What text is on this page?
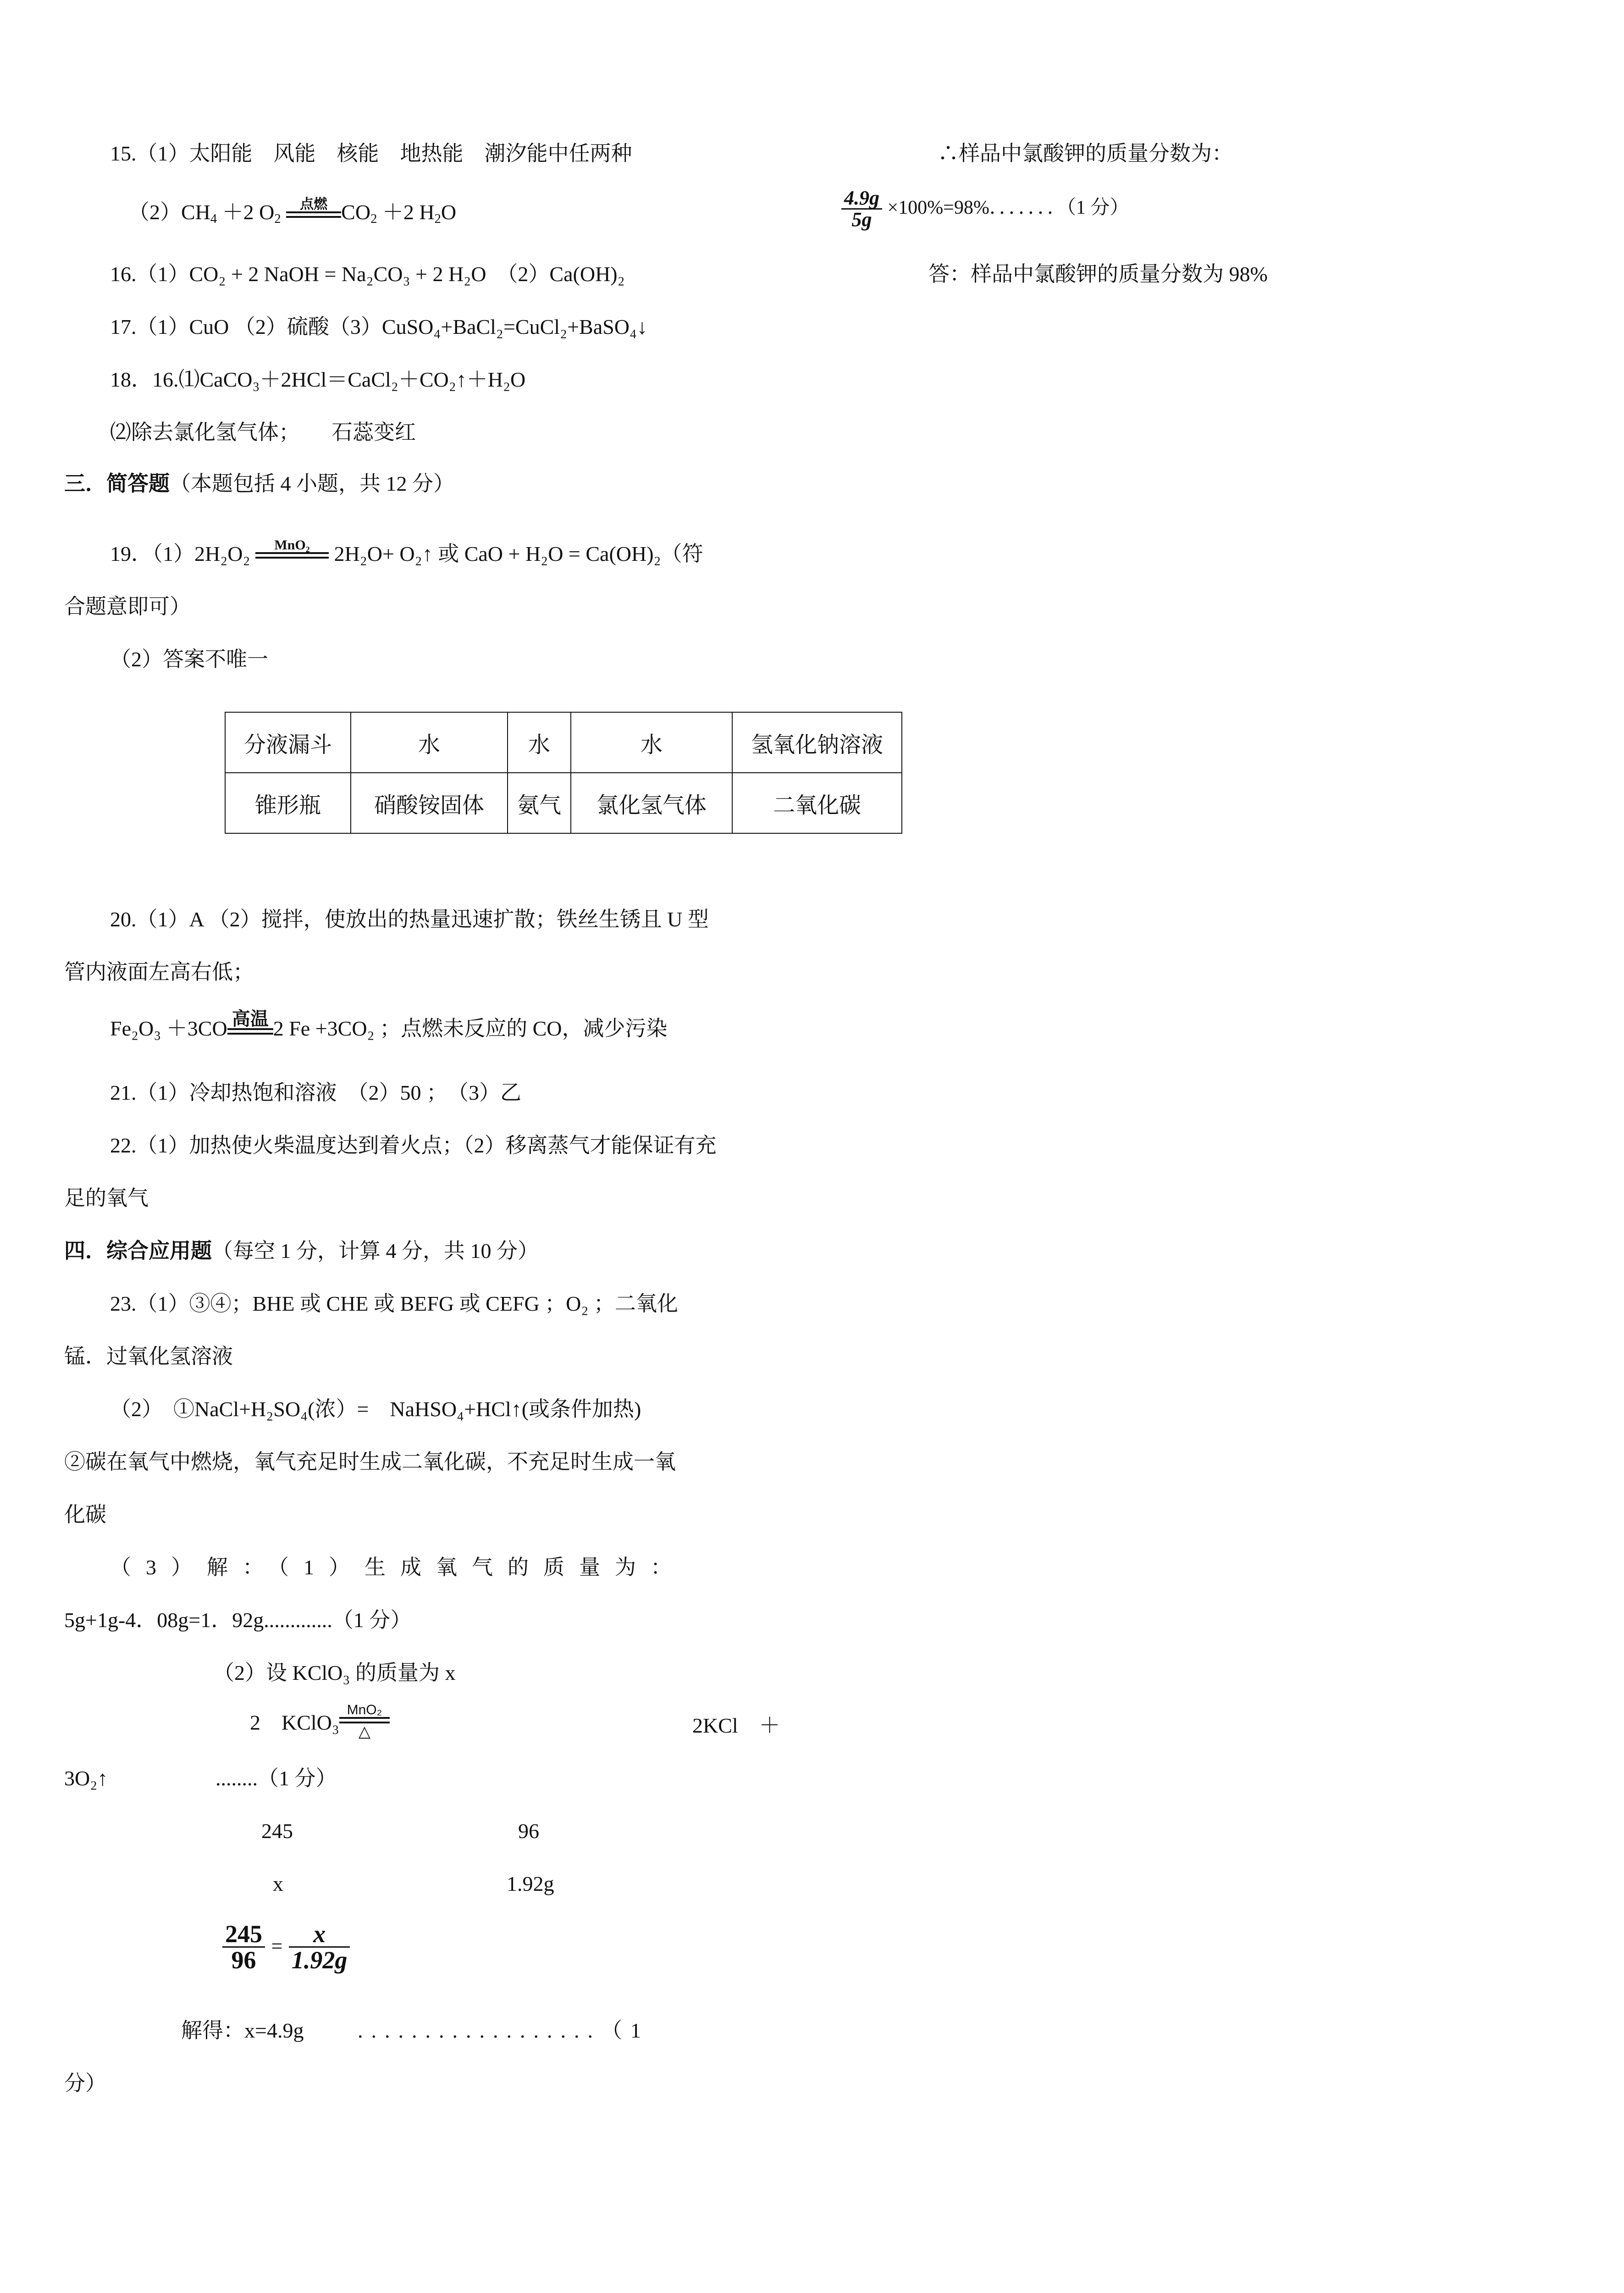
15.（1）太阳能　风能　核能　地热能　潮汐能中任两种
$(2)CH_4 +2$ $O_2$
点燃 $CO_2 +2$ $H_2O$
16.（1）CO₂ + 2 NaOH = Na₂CO₃ + 2 H₂O　（2）Ca(OH)₂
17.（1）CuO （2）硫酸（3）CuSO₄+BaCl₂=CuCl₂+BaSO₄↓
18．16.⑴CaCO₃＋2HCl＝CaCl₂＋CO₂↑＋H₂O
⑵除去氯化氢气体；　　石蕊变红
三．简答题（本题包括 4 小题，共 12 分）
19．（1）2H₂O₂	MnO₂	2H₂O+ O₂↑ 或 CaO + H₂O = Ca(OH)₂（符
合题意即可）
（2）答案不唯一
分液漏斗	水	水	水	氢氧化钠溶液
锥形瓶	硝酸铵固体	氨气	氯化氢气体	二氧化碳
20.（1）A （2）搅拌，使放出的热量迅速扩散；铁丝生锈且 U 型
管内液面左高右低；
Fe₂O₃ ＋3CO 高温 2 Fe +3CO₂ ；点燃未反应的 CO，减少污染
21.（1）冷却热饱和溶液　（2）50 ；　（3）乙
22.（1）加热使火柴温度达到着火点；（2）移离蒸气才能保证有充
足的氧气
四．综合应用题（每空 1 分，计算 4 分，共 10 分）
23.（1）③④；BHE 或 CHE 或 BEFG 或 CEFG ；O₂ ；二氧化
锰．过氧化氢溶液
（2）　①NaCl+H₂SO₄(浓）=　NaHSO₄+HCl↑(或条件加热)
②碳在氧气中燃烧，氧气充足时生成二氧化碳，不充足时生成一氧
化碳
（3）解：（1）生成氧气的质量为：
5g+1g-4．08g=1．92g.............（1 分）
（2）设 KClO₃ 的质量为 x
2　KClO₃
MnO₂
△	2KCl　＋
3O₂↑	........（1 分）
245	96
x	1.92g
$\frac{245}{96} = \frac{x}{1.92g}$
解得：x=4.9g	..................（1
分）
∴样品中氯酸钾的质量分数为：
$\frac{4.9g}{5g} \times 100\%=98\%$．．．．．．．（1 分）
答：样品中氯酸钾的质量分数为 98%
